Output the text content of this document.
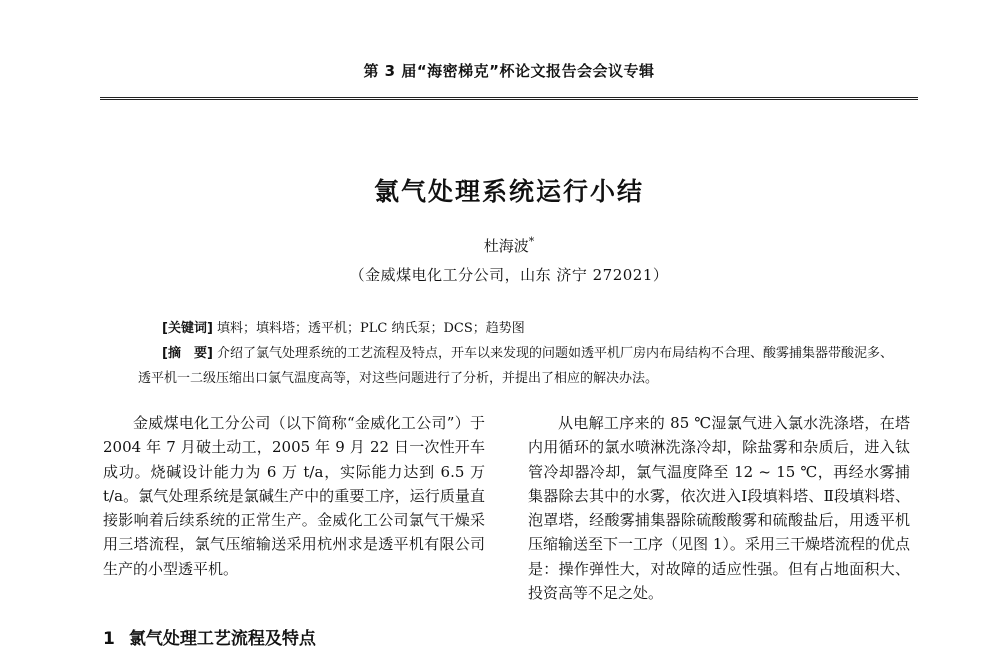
第 3 届“海密梯克”杯论文报告会会议专辑
氯气处理系统运行小结
杜海波*
（金威煤电化工分公司，山东 济宁 272021）
[关键词] 填料；填料塔；透平机；PLC 纳氏泵；DCS；趋势图
[摘　要] 介绍了氯气处理系统的工艺流程及特点，开车以来发现的问题如透平机厂房内布局结构不合理、酸雾捕集器带酸泥多、透平机一二级压缩出口氯气温度高等，对这些问题进行了分析，并提出了相应的解决办法。

金威煤电化工分公司（以下简称“金威化工公司”）于 2004 年 7 月破土动工，2005 年 9 月 22 日一次性开车成功。烧碱设计能力为 6 万 t/a，实际能力达到 6.5 万 t/a。氯气处理系统是氯碱生产中的重要工序，运行质量直接影响着后续系统的正常生产。金威化工公司氯气干燥采用三塔流程，氯气压缩输送采用杭州求是透平机有限公司生产的小型透平机。

1 氯气处理工艺流程及特点

从电解工序来的 85 ℃湿氯气进入氯水洗涤塔，在塔内用循环的氯水喷淋洗涤冷却，除盐雾和杂质后，进入钛管冷却器冷却，氯气温度降至 12 ~ 15 ℃，再经水雾捕集器除去其中的水雾，依次进入Ⅰ段填料塔、Ⅱ段填料塔、泡罩塔，经酸雾捕集器除硫酸酸雾和硫酸盐后，用透平机压缩输送至下一工序（见图 1）。采用三干燥塔流程的优点是：操作弹性大，对故障的适应性强。但有占地面积大、投资高等不足之处。
